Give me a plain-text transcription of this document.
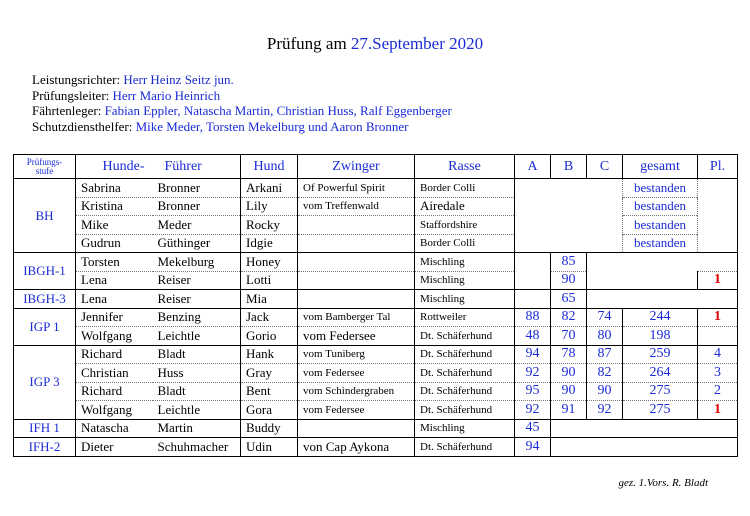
Prüfung am 27.September 2020
Leistungsrichter: Herr Heinz Seitz jun.
Prüfungsleiter: Herr Mario Heinrich
Fährtenleger: Fabian Eppler, Natascha Martin, Christian Huss, Ralf Eggenberger
Schutzdiensthelfer: Mike Meder, Torsten Mekelburg und Aaron Bronner
Prüfungs-
stufe	Hunde-	Führer	Hund	Zwinger	Rasse	A	B	C	gesamt	Pl.
BH	Sabrina	Bronner	Arkani	Of Powerful Spirit	Border Colli				bestanden	
	Kristina	Bronner	Lily	vom Treffenwald	Airedale				bestanden	
	Mike	Meder	Rocky		Staffordshire				bestanden	
	Gudrun	Güthinger	Idgie		Border Colli				bestanden	
IBGH-1	Torsten	Mekelburg	Honey		Mischling		85			
	Lena	Reiser	Lotti		Mischling		90			1
IBGH-3	Lena	Reiser	Mia		Mischling		65			
IGP 1	Jennifer	Benzing	Jack	vom Bamberger Tal	Rottweiler	88	82	74	244	1
	Wolfgang	Leichtle	Gorio	vom Federsee	Dt. Schäferhund	48	70	80	198	
IGP 3	Richard	Bladt	Hank	vom Tuniberg	Dt. Schäferhund	94	78	87	259	4
	Christian	Huss	Gray	vom Federsee	Dt. Schäferhund	92	90	82	264	3
	Richard	Bladt	Bent	vom Schindergraben	Dt. Schäferhund	95	90	90	275	2
	Wolfgang	Leichtle	Gora	vom Federsee	Dt. Schäferhund	92	91	92	275	1
IFH 1	Natascha	Martin	Buddy		Mischling	45				
IFH-2	Dieter	Schuhmacher	Udin	von Cap Aykona	Dt. Schäferhund	94				
gez. 1.Vors. R. Bladt
